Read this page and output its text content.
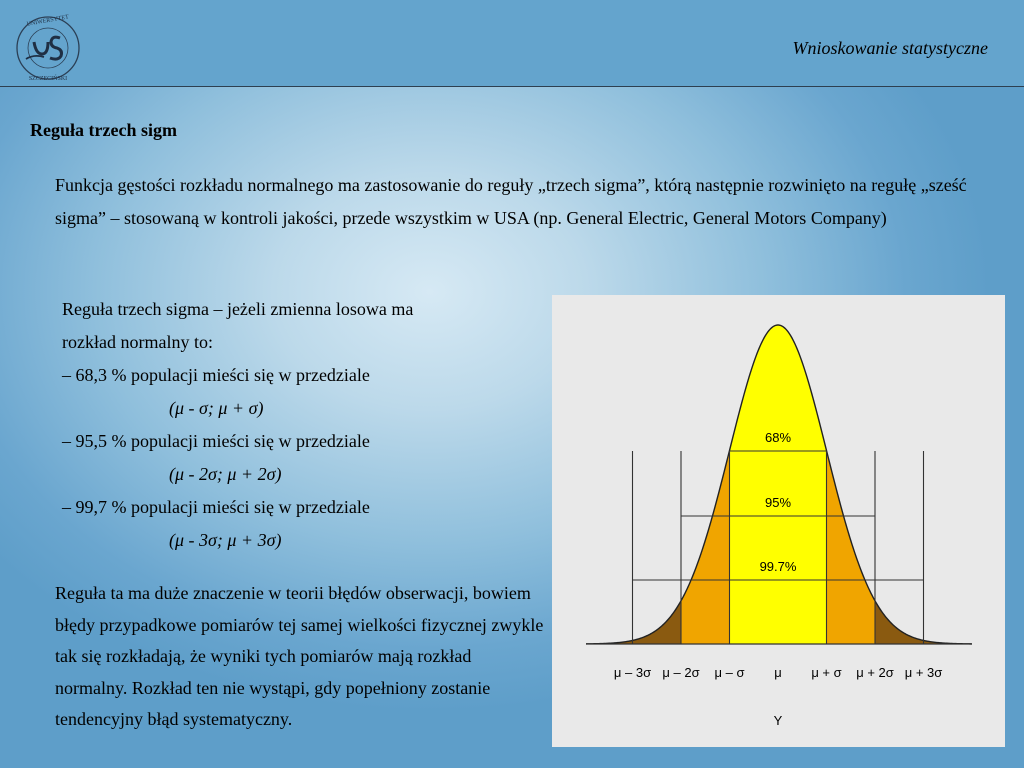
UNIWERSYTET
SZCZECIŃSKI
Wnioskowanie statystyczne
Reguła trzech sigm
Funkcja gęstości rozkładu normalnego ma zastosowanie do reguły „trzech sigma”, którą następnie rozwinięto na regułę „sześć sigma” – stosowaną w kontroli jakości, przede wszystkim w USA (np. General Electric, General Motors Company)
Reguła trzech sigma – jeżeli zmienna losowa ma
rozkład normalny to:
– 68,3 % populacji mieści się w przedziale
(μ - σ; μ + σ)
– 95,5 % populacji mieści się w przedziale
(μ - 2σ; μ + 2σ)
– 99,7 % populacji mieści się w przedziale
(μ - 3σ; μ + 3σ)
Reguła ta ma duże znaczenie w teorii błędów obserwacji, bowiem błędy przypadkowe pomiarów tej samej wielkości fizycznej zwykle tak się rozkładają, że wyniki tych pomiarów mają rozkład normalny. Rozkład ten nie wystąpi, gdy popełniony zostanie tendencyjny błąd systematyczny.
68%
95%
99.7%
μ – 3σ μ – 2σ μ – σ μ μ + σ μ + 2σ μ + 3σ
Y
